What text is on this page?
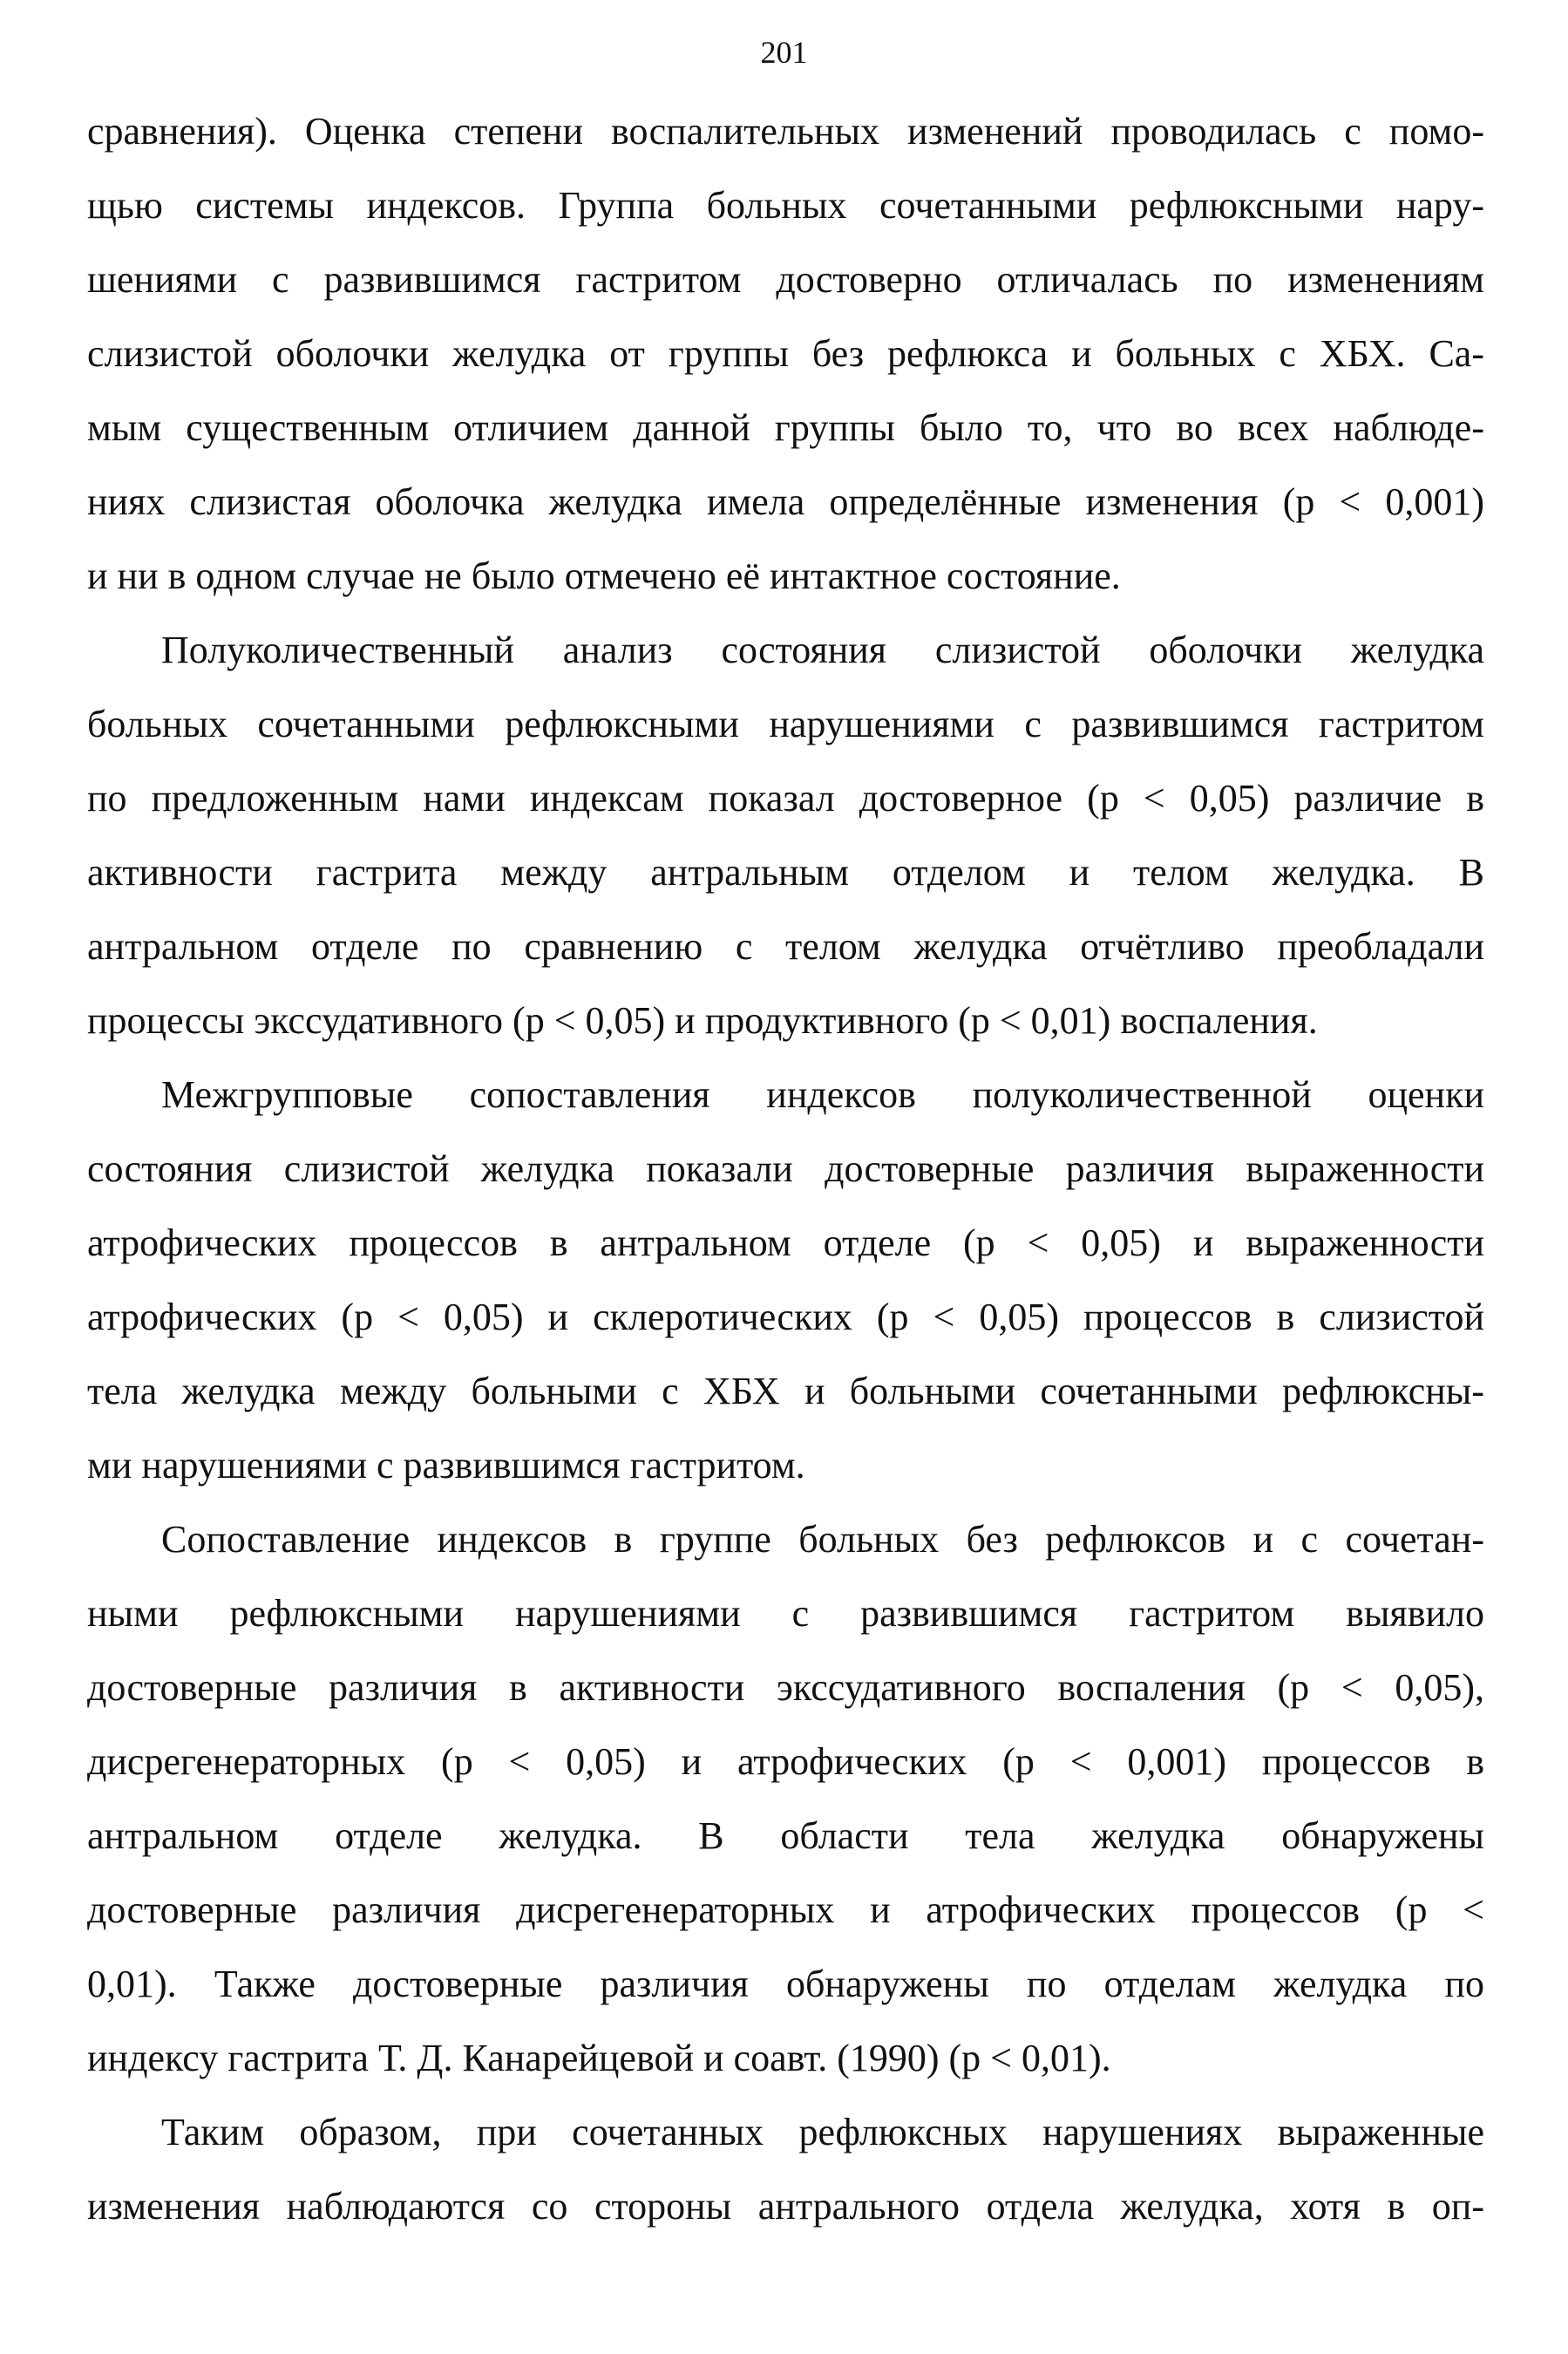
201
сравнения). Оценка степени воспалительных изменений проводилась с помо-
щью системы индексов. Группа больных сочетанными рефлюксными нару-
шениями с развившимся гастритом достоверно отличалась по изменениям
слизистой оболочки желудка от группы без рефлюкса и больных с ХБХ. Са-
мым существенным отличием данной группы было то, что во всех наблюде-
ниях слизистая оболочка желудка имела определённые изменения (р < 0,001)
и ни в одном случае не было отмечено её интактное состояние.
Полуколичественный анализ состояния слизистой оболочки желудка
больных сочетанными рефлюксными нарушениями с развившимся гастритом
по предложенным нами индексам показал достоверное (р < 0,05) различие в
активности гастрита между антральным отделом и телом желудка. В
антральном отделе по сравнению с телом желудка отчётливо преобладали
процессы экссудативного (р < 0,05) и продуктивного (р < 0,01) воспаления.
Межгрупповые сопоставления индексов полуколичественной оценки
состояния слизистой желудка показали достоверные различия выраженности
атрофических процессов в антральном отделе (р < 0,05) и выраженности
атрофических (р < 0,05) и склеротических (р < 0,05) процессов в слизистой
тела желудка между больными с ХБХ и больными сочетанными рефлюксны-
ми нарушениями с развившимся гастритом.
Сопоставление индексов в группе больных без рефлюксов и с сочетан-
ными рефлюксными нарушениями с развившимся гастритом выявило
достоверные различия в активности экссудативного воспаления (р < 0,05),
дисрегенераторных (р < 0,05) и атрофических (р < 0,001) процессов в
антральном отделе желудка. В области тела желудка обнаружены
достоверные различия дисрегенераторных и атрофических процессов (р <
0,01). Также достоверные различия обнаружены по отделам желудка по
индексу гастрита Т. Д. Канарейцевой и соавт. (1990) (р < 0,01).
Таким образом, при сочетанных рефлюксных нарушениях выраженные
изменения наблюдаются со стороны антрального отдела желудка, хотя в оп-
